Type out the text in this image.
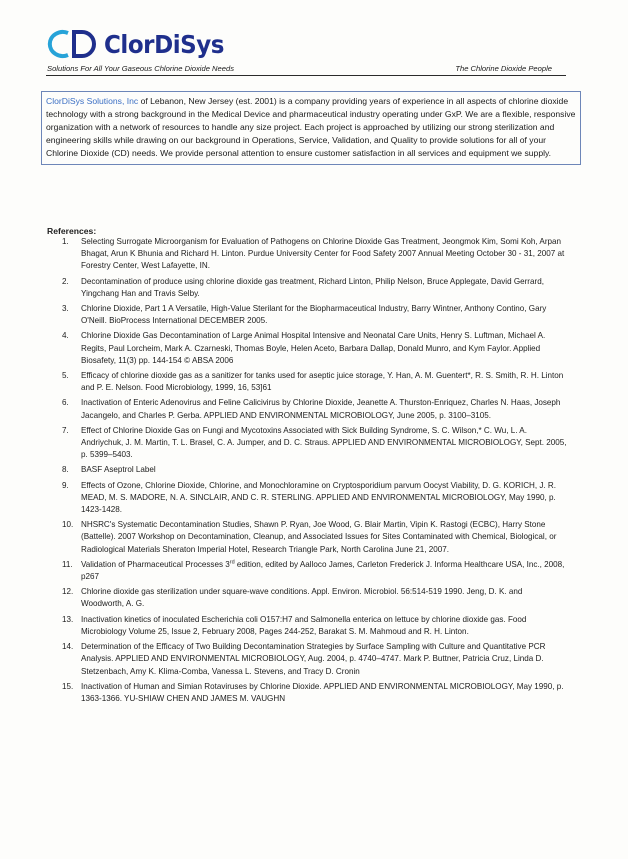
ClorDiSys
Solutions For All Your Gaseous Chlorine Dioxide Needs	The Chlorine Dioxide People
ClorDiSys Solutions, Inc of Lebanon, New Jersey (est. 2001) is a company providing years of experience in all aspects of chlorine dioxide technology with a strong background in the Medical Device and pharmaceutical industry operating under GxP. We are a flexible, responsive organization with a network of resources to handle any size project. Each project is approached by utilizing our strong sterilization and engineering skills while drawing on our background in Operations, Service, Validation, and Quality to provide solutions for all of your Chlorine Dioxide (CD) needs. We provide personal attention to ensure customer satisfaction in all services and equipment we supply.
References:
1. Selecting Surrogate Microorganism for Evaluation of Pathogens on Chlorine Dioxide Gas Treatment, Jeongmok Kim, Somi Koh, Arpan Bhagat, Arun K Bhunia and Richard H. Linton. Purdue University Center for Food Safety 2007 Annual Meeting October 30 - 31, 2007 at Forestry Center, West Lafayette, IN.
2. Decontamination of produce using chlorine dioxide gas treatment, Richard Linton, Philip Nelson, Bruce Applegate, David Gerrard, Yingchang Han and Travis Selby.
3. Chlorine Dioxide, Part 1 A Versatile, High-Value Sterilant for the Biopharmaceutical Industry, Barry Wintner, Anthony Contino, Gary O'Neill. BioProcess International DECEMBER 2005.
4. Chlorine Dioxide Gas Decontamination of Large Animal Hospital Intensive and Neonatal Care Units, Henry S. Luftman, Michael A. Regits, Paul Lorcheim, Mark A. Czarneski, Thomas Boyle, Helen Aceto, Barbara Dallap, Donald Munro, and Kym Faylor. Applied Biosafety, 11(3) pp. 144-154 © ABSA 2006
5. Efficacy of chlorine dioxide gas as a sanitizer for tanks used for aseptic juice storage, Y. Han, A. M. Guentert*, R. S. Smith, R. H. Linton and P. E. Nelson. Food Microbiology, 1999, 16, 53]61
6. Inactivation of Enteric Adenovirus and Feline Calicivirus by Chlorine Dioxide, Jeanette A. Thurston-Enriquez, Charles N. Haas, Joseph Jacangelo, and Charles P. Gerba. APPLIED AND ENVIRONMENTAL MICROBIOLOGY, June 2005, p. 3100–3105.
7. Effect of Chlorine Dioxide Gas on Fungi and Mycotoxins Associated with Sick Building Syndrome, S. C. Wilson,* C. Wu, L. A. Andriychuk, J. M. Martin, T. L. Brasel, C. A. Jumper, and D. C. Straus. APPLIED AND ENVIRONMENTAL MICROBIOLOGY, Sept. 2005, p. 5399–5403.
8. BASF Aseptrol Label
9. Effects of Ozone, Chlorine Dioxide, Chlorine, and Monochloramine on Cryptosporidium parvum Oocyst Viability, D. G. KORICH, J. R. MEAD, M. S. MADORE, N. A. SINCLAIR, AND C. R. STERLING. APPLIED AND ENVIRONMENTAL MICROBIOLOGY, May 1990, p. 1423-1428.
10. NHSRC's Systematic Decontamination Studies, Shawn P. Ryan, Joe Wood, G. Blair Martin, Vipin K. Rastogi (ECBC), Harry Stone (Battelle). 2007 Workshop on Decontamination, Cleanup, and Associated Issues for Sites Contaminated with Chemical, Biological, or Radiological Materials Sheraton Imperial Hotel, Research Triangle Park, North Carolina June 21, 2007.
11. Validation of Pharmaceutical Processes 3rd edition, edited by Aalloco James, Carleton Frederick J. Informa Healthcare USA, Inc., 2008, p267
12. Chlorine dioxide gas sterilization under square-wave conditions. Appl. Environ. Microbiol. 56:514-519 1990. Jeng, D. K. and Woodworth, A. G.
13. Inactivation kinetics of inoculated Escherichia coli O157:H7 and Salmonella enterica on lettuce by chlorine dioxide gas. Food Microbiology Volume 25, Issue 2, February 2008, Pages 244-252, Barakat S. M. Mahmoud and R. H. Linton.
14. Determination of the Efficacy of Two Building Decontamination Strategies by Surface Sampling with Culture and Quantitative PCR Analysis. APPLIED AND ENVIRONMENTAL MICROBIOLOGY, Aug. 2004, p. 4740–4747. Mark P. Buttner, Patricia Cruz, Linda D. Stetzenbach, Amy K. Klima-Comba, Vanessa L. Stevens, and Tracy D. Cronin
15. Inactivation of Human and Simian Rotaviruses by Chlorine Dioxide. APPLIED AND ENVIRONMENTAL MICROBIOLOGY, May 1990, p. 1363-1366. YU-SHIAW CHEN AND JAMES M. VAUGHN
